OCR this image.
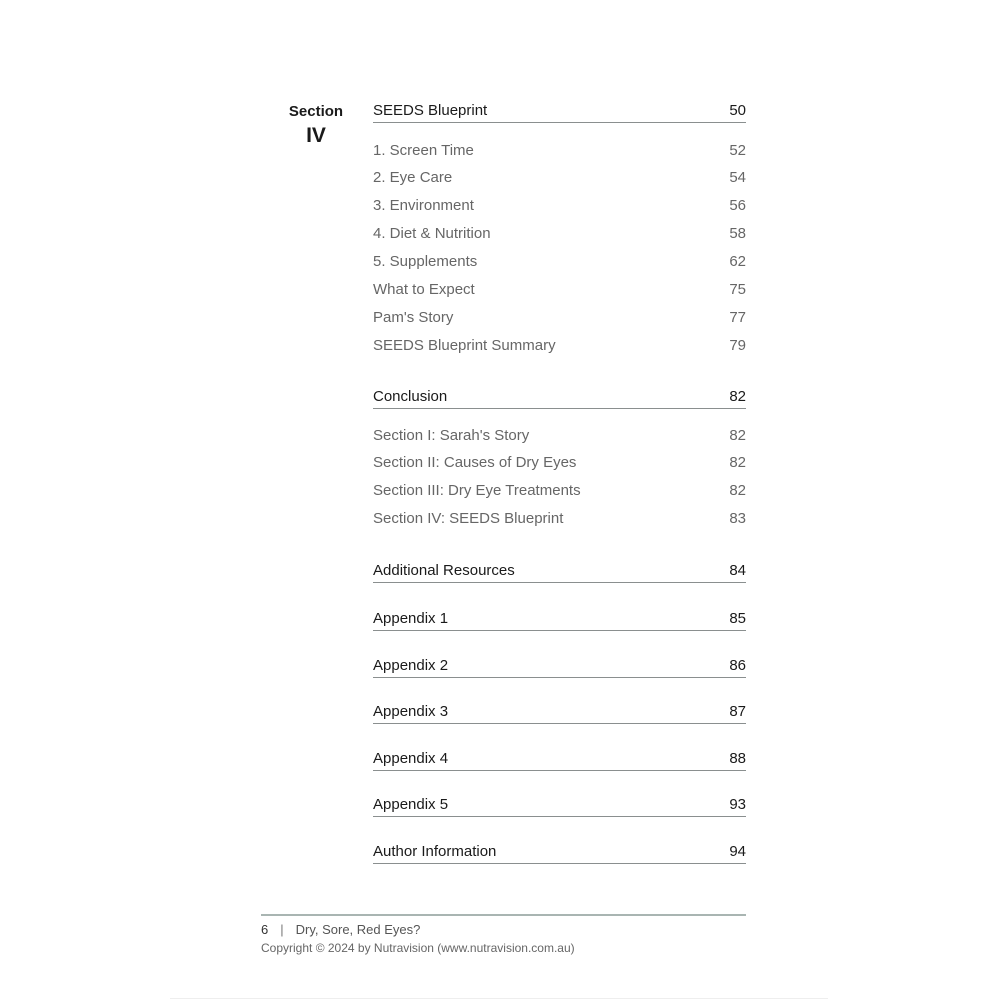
Section
IV
SEEDS Blueprint	50
1. Screen Time	52
2. Eye Care	54
3. Environment	56
4. Diet & Nutrition	58
5. Supplements	62
What to Expect	75
Pam's Story	77
SEEDS Blueprint Summary	79
Conclusion	82
Section I: Sarah's Story	82
Section II: Causes of Dry Eyes	82
Section III: Dry Eye Treatments	82
Section IV: SEEDS Blueprint	83
Additional Resources	84
Appendix 1	85
Appendix 2	86
Appendix 3	87
Appendix 4	88
Appendix 5	93
Author Information	94
6 | Dry, Sore, Red Eyes?
Copyright © 2024 by Nutravision (www.nutravision.com.au)
